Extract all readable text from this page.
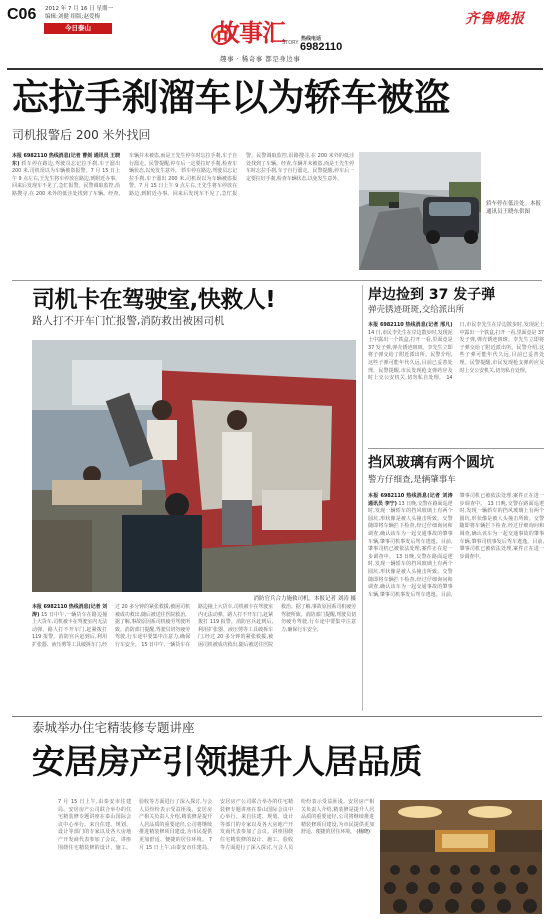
C06 2012 年 7 月 16 日 星期一
编辑:刘健 组版:赵爱梅
今日泰山	故事汇
STORY
热线电话
6982110
趣事 · 稀奇事 都是身边事
齐鲁晚报
忘拉手刹溜车以为轿车被盗
司机报警后 200 米外找回
本报 6982110 热线消息(记者 曹剑 通讯员 王晓东) 轿车停在路边,驾驶员忘记拉手刹,车子溜出 200 米,司机误以为车辆被盗报警。7 月 15 日上午 9 点左右,王先生将车停放在路边,到附近办事。回来后发现车不见了,急忙报警。民警调取监控,沿路搜寻,在 200 米外的低洼处找到了车辆。经查,车辆并未被盗,而是王先生停车时忘拉手刹,车子自行溜走。民警提醒,停车后一定要拉好手刹,检查车辆状态,以免发生意外。 轿车停在路边,驾驶员忘记拉手刹,车子溜出 200 米,司机误以为车辆被盗报警。7 月 15 日上午 9 点左右,王先生将车停放在路边,到附近办事。回来后发现车不见了,急忙报警。民警调取监控,沿路搜寻,在 200 米外的低洼处找到了车辆。经查,车辆并未被盗,而是王先生停车时忘拉手刹,车子自行溜走。民警提醒,停车后一定要拉好手刹,检查车辆状态,以免发生意外。
轿车停在低洼处。本报通讯员王晓东供图
司机卡在驾驶室,快救人!
路人打不开车门忙报警,消防救出被困司机
消防官兵合力施救司机。本报记者 刘涛 摄
本报 6982110 热线消息(记者 刘涛) 15 日中午,一辆货车在路边撞上大货车,司机被卡在驾驶室内无法动弹。路人打不开车门,赶紧拨打 119 报警。消防官兵赶到后,利用扩张器、液压剪等工具破拆车门,经过 20 多分钟的紧张救援,被困司机被成功救出,随后被送往医院救治。据了解,事故原因系司机疲劳驾驶所致。消防部门提醒,驾驶员切勿疲劳驾驶,行车途中要集中注意力,确保行车安全。 15 日中午,一辆货车在路边撞上大货车,司机被卡在驾驶室内无法动弹。路人打不开车门,赶紧拨打 119 报警。消防官兵赶到后,利用扩张器、液压剪等工具破拆车门,经过 20 多分钟的紧张救援,被困司机被成功救出,随后被送往医院救治。据了解,事故原因系司机疲劳驾驶所致。消防部门提醒,驾驶员切勿疲劳驾驶,行车途中要集中注意力,确保行车安全。
岸边捡到 37 发子弹
弹壳锈迹斑斑,交给派出所
本报 6982110 热线消息(记者 邢凡) 14 日,市民李先生在岸边散步时,发现泥土中露出一个铁盒,打开一看,里面竟是 37 发子弹,弹壳锈迹斑斑。李先生立即将子弹交给了附近派出所。民警介绍,这些子弹可能年代久远,目前已妥善处理。民警提醒,市民发现枪支弹药应及时上交公安机关,切勿私自处理。 14 日,市民李先生在岸边散步时,发现泥土中露出一个铁盒,打开一看,里面竟是 37 发子弹,弹壳锈迹斑斑。李先生立即将子弹交给了附近派出所。民警介绍,这些子弹可能年代久远,目前已妥善处理。民警提醒,市民发现枪支弹药应及时上交公安机关,切勿私自处理。
挡风玻璃有两个圆坑
警方仔细查,是辆肇事车
本报 6982110 热线消息(记者 刘涛 通讯员 李宁) 13 日晚,交警在路面巡逻时,发现一辆轿车的挡风玻璃上有两个圆坑,形状像是被人头撞击所致。交警随即将车辆拦下检查,经过仔细询问和调查,确认该车为一起交通事故的肇事车辆,肇事司机事发后驾车逃逸。目前,肇事司机已被依法处理,案件正在进一步调查中。 13 日晚,交警在路面巡逻时,发现一辆轿车的挡风玻璃上有两个圆坑,形状像是被人头撞击所致。交警随即将车辆拦下检查,经过仔细询问和调查,确认该车为一起交通事故的肇事车辆,肇事司机事发后驾车逃逸。目前,肇事司机已被依法处理,案件正在进一步调查中。 13 日晚,交警在路面巡逻时,发现一辆轿车的挡风玻璃上有两个圆坑,形状像是被人头撞击所致。交警随即将车辆拦下检查,经过仔细询问和调查,确认该车为一起交通事故的肇事车辆,肇事司机事发后驾车逃逸。目前,肇事司机已被依法处理,案件正在进一步调查中。
泰城举办住宅精装修专题讲座
安居房产引领提升人居品质
7 月 15 日上午,由泰安市住建局、安居房产公司联合举办的住宅精装修专题讲座在泰山国际会议中心举行。来自住建、规划、设计等部门的专家以及各大房地产开发商代表参加了会议。讲座围绕住宅精装修的设计、施工、验收等方面进行了深入探讨,与会人员纷纷表示受益匪浅。安居房产相关负责人介绍,精装修是提升人居品质的重要途径,公司将继续推进精装修项目建设,为市民提供更加舒适、便捷的居住环境。 7 月 15 日上午,由泰安市住建局、安居房产公司联合举办的住宅精装修专题讲座在泰山国际会议中心举行。来自住建、规划、设计等部门的专家以及各大房地产开发商代表参加了会议。讲座围绕住宅精装修的设计、施工、验收等方面进行了深入探讨,与会人员纷纷表示受益匪浅。安居房产相关负责人介绍,精装修是提升人居品质的重要途径,公司将继续推进精装修项目建设,为市民提供更加舒适、便捷的居住环境。 (杨晓)
